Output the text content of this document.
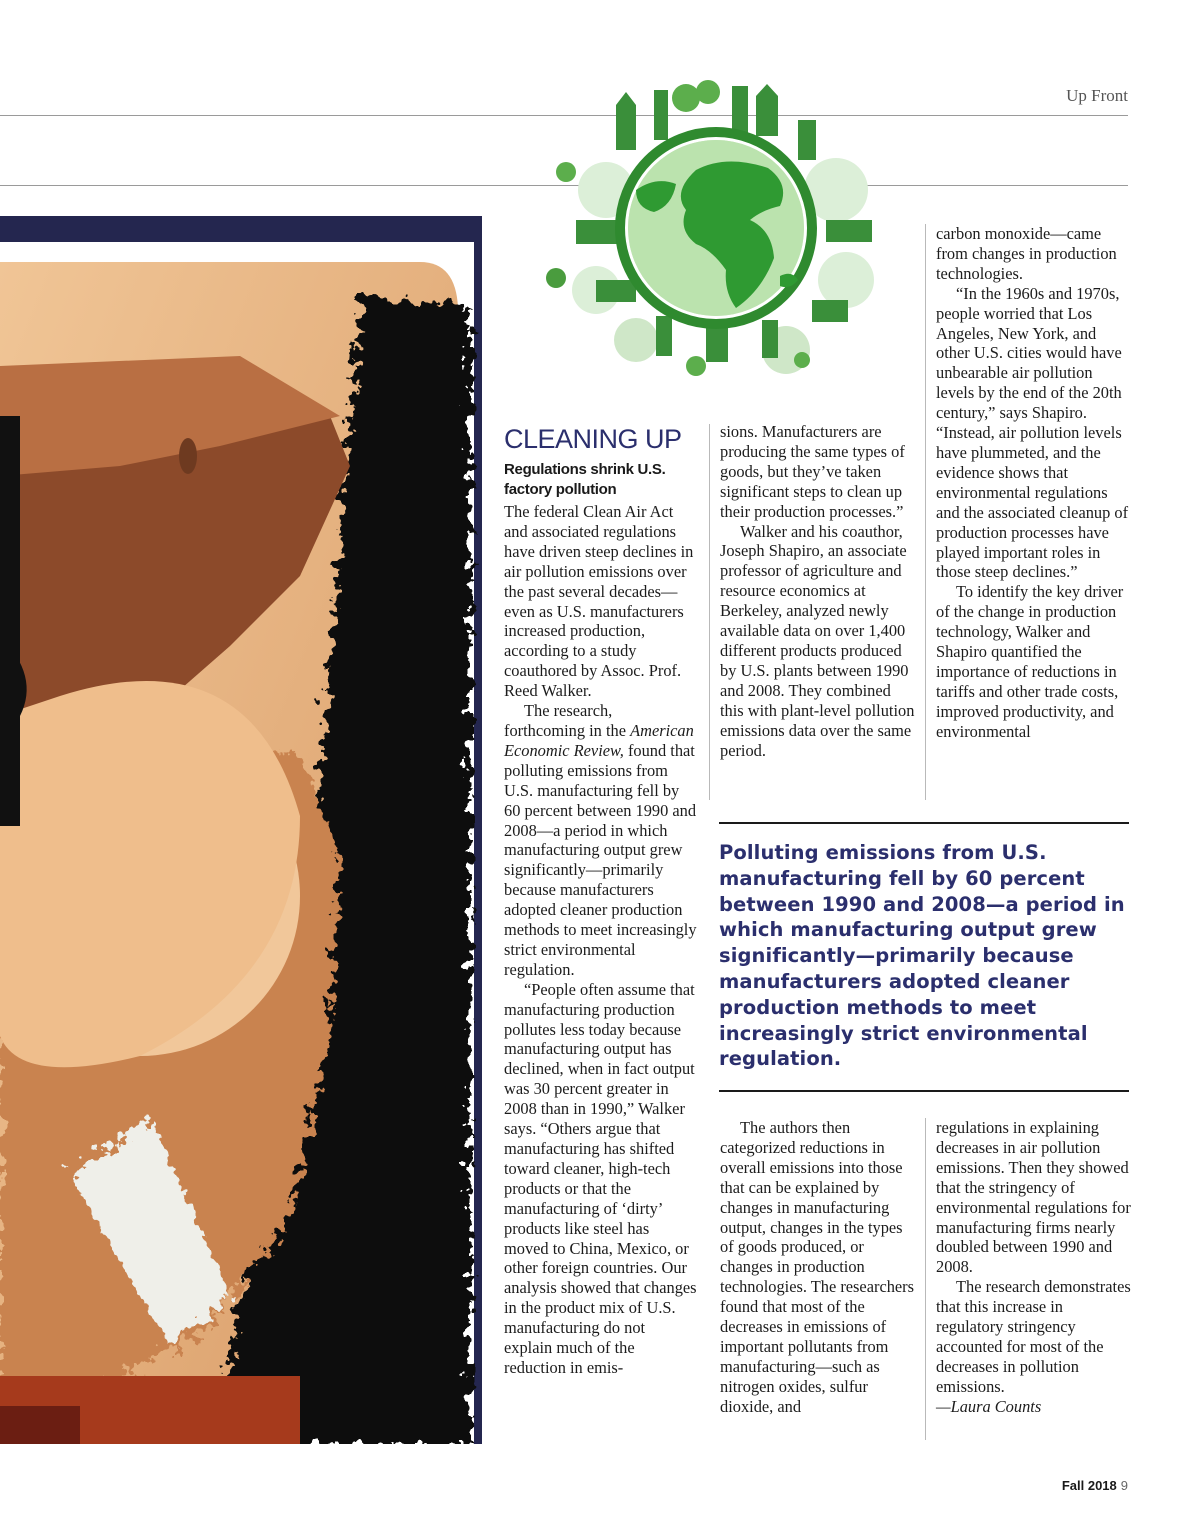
Up Front
CLEANING UP
Regulations shrink U.S. factory pollution

The federal Clean Air Act and associated regulations have driven steep declines in air pollution emissions over the past several decades—even as U.S. manufacturers increased production, according to a study coauthored by Assoc. Prof. Reed Walker.

The research, forthcoming in the American Economic Review, found that polluting emissions from U.S. manufacturing fell by 60 percent between 1990 and 2008—a period in which manufacturing output grew significantly—primarily because manufacturers adopted cleaner production methods to meet increasingly strict environmental regulation.

“People often assume that manufacturing production pollutes less today because manufacturing output has declined, when in fact output was 30 percent greater in 2008 than in 1990,” Walker says. “Others argue that manufacturing has shifted toward cleaner, high-tech products or that the manufacturing of ‘dirty’ products like steel has moved to China, Mexico, or other foreign countries. Our analysis showed that changes in the product mix of U.S. manufacturing do not explain much of the reduction in emis-

sions. Manufacturers are producing the same types of goods, but they’ve taken significant steps to clean up their production processes.”

Walker and his coauthor, Joseph Shapiro, an associate professor of agriculture and resource economics at Berkeley, analyzed newly available data on over 1,400 different products produced by U.S. plants between 1990 and 2008. They combined this with plant-level pollution emissions data over the same period.

carbon monoxide—came from changes in production technologies.

“In the 1960s and 1970s, people worried that Los Angeles, New York, and other U.S. cities would have unbearable air pollution levels by the end of the 20th century,” says Shapiro. “Instead, air pollution levels have plummeted, and the evidence shows that environmental regulations and the associated cleanup of production processes have played important roles in those steep declines.”

To identify the key driver of the change in production technology, Walker and Shapiro quantified the importance of reductions in tariffs and other trade costs, improved productivity, and environmental

Polluting emissions from U.S. manufacturing fell by 60 percent between 1990 and 2008—a period in which manufacturing output grew significantly—primarily because manufacturers adopted cleaner production methods to meet increasingly strict environmental regulation.

The authors then categorized reductions in overall emissions into those that can be explained by changes in manufacturing output, changes in the types of goods produced, or changes in production technologies. The researchers found that most of the decreases in emissions of important pollutants from manufacturing—such as nitrogen oxides, sulfur dioxide, and

regulations in explaining decreases in air pollution emissions. Then they showed that the stringency of environmental regulations for manufacturing firms nearly doubled between 1990 and 2008.

The research demonstrates that this increase in regulatory stringency accounted for most of the decreases in pollution emissions.

—Laura Counts

Fall 2018 9
